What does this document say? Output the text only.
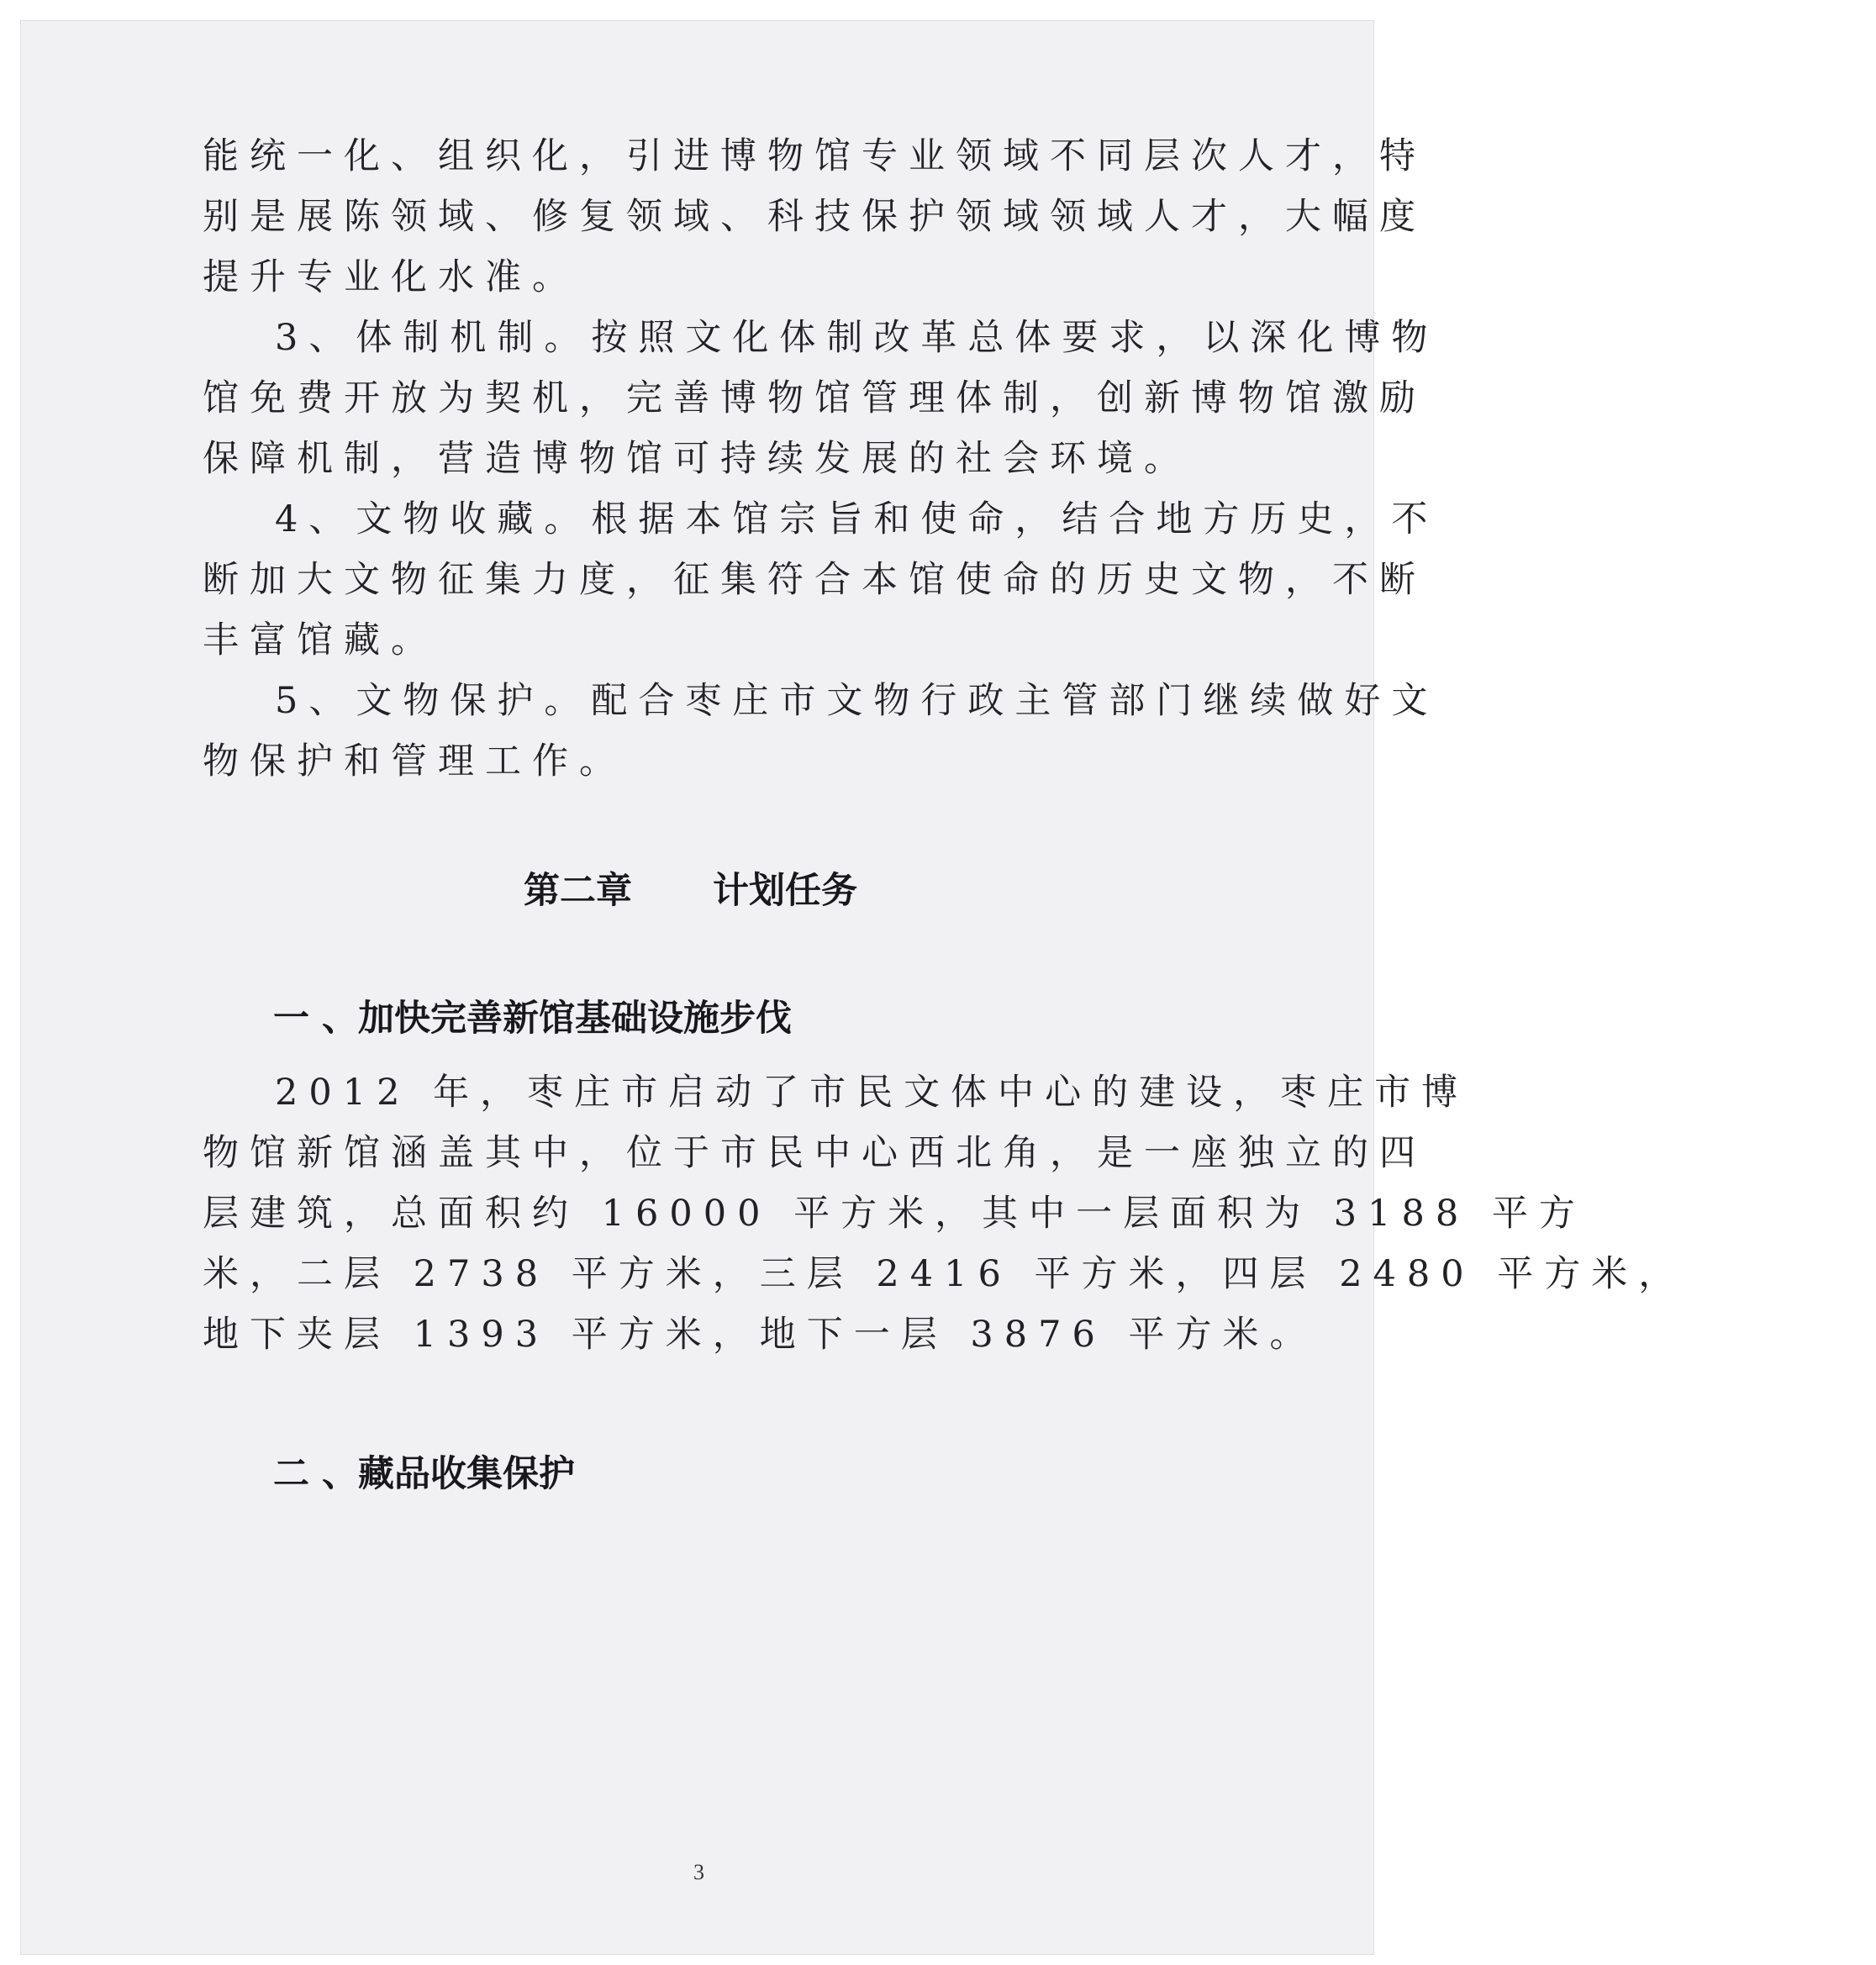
能统一化、组织化，引进博物馆专业领域不同层次人才，特

别是展陈领域、修复领域、科技保护领域领域人才，大幅度

提升专业化水准。

3、体制机制。按照文化体制改革总体要求，以深化博物

馆免费开放为契机，完善博物馆管理体制，创新博物馆激励

保障机制，营造博物馆可持续发展的社会环境。

4、文物收藏。根据本馆宗旨和使命，结合地方历史，不

断加大文物征集力度，征集符合本馆使命的历史文物，不断

丰富馆藏。

5、文物保护。配合枣庄市文物行政主管部门继续做好文

物保护和管理工作。

第二章 计划任务
一 、加快完善新馆基础设施步伐

2012 年，枣庄市启动了市民文体中心的建设，枣庄市博

物馆新馆涵盖其中，位于市民中心西北角，是一座独立的四

层建筑，总面积约 16000 平方米，其中一层面积为 3188 平方

米，二层 2738 平方米，三层 2416 平方米，四层 2480 平方米，

地下夹层 1393 平方米，地下一层 3876 平方米。

二 、藏品收集保护
3
